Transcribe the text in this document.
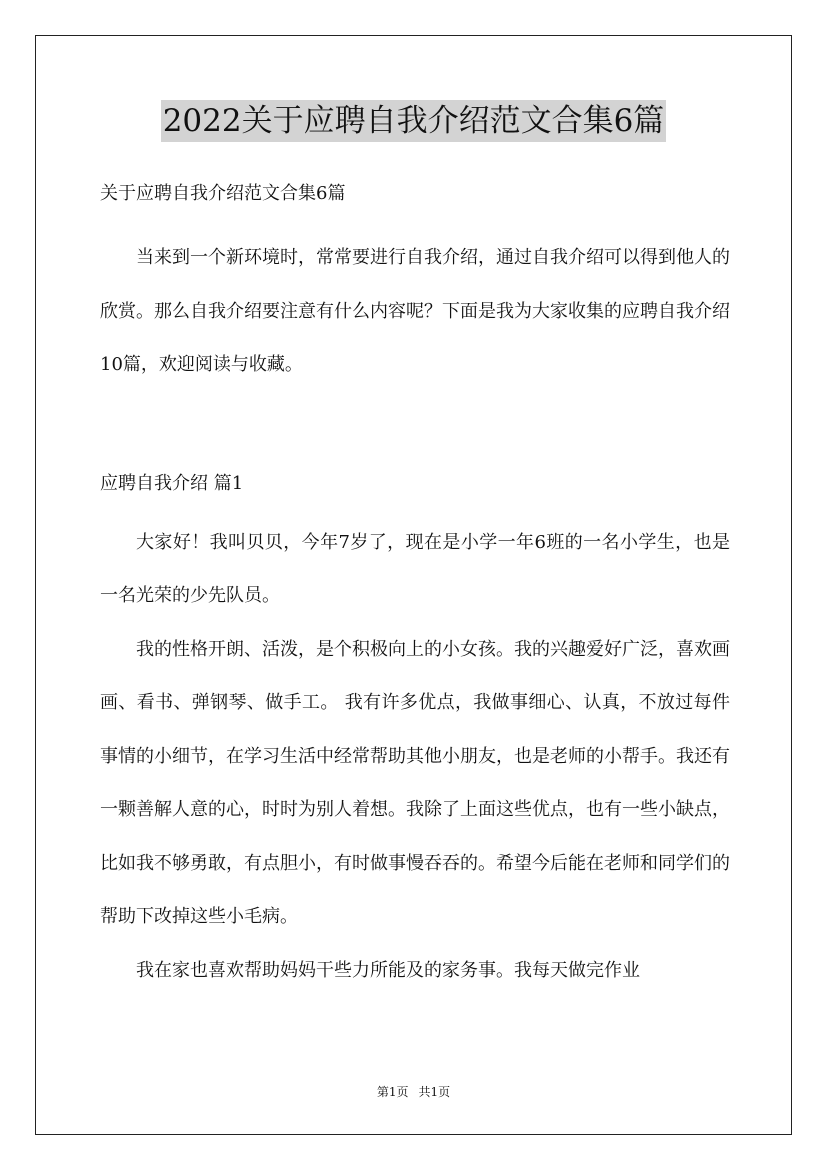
2022关于应聘自我介绍范文合集6篇

关于应聘自我介绍范文合集6篇

当来到一个新环境时，常常要进行自我介绍，通过自我介绍可以得到他人的欣赏。那么自我介绍要注意有什么内容呢？下面是我为大家收集的应聘自我介绍10篇，欢迎阅读与收藏。

应聘自我介绍 篇1

大家好！我叫贝贝，今年7岁了，现在是小学一年6班的一名小学生，也是一名光荣的少先队员。

我的性格开朗、活泼，是个积极向上的小女孩。我的兴趣爱好广泛，喜欢画画、看书、弹钢琴、做手工。 我有许多优点，我做事细心、认真，不放过每件事情的小细节，在学习生活中经常帮助其他小朋友，也是老师的小帮手。我还有一颗善解人意的心，时时为别人着想。我除了上面这些优点，也有一些小缺点，比如我不够勇敢，有点胆小，有时做事慢吞吞的。希望今后能在老师和同学们的帮助下改掉这些小毛病。

我在家也喜欢帮助妈妈干些力所能及的家务事。我每天做完作业

第1页 共1页
